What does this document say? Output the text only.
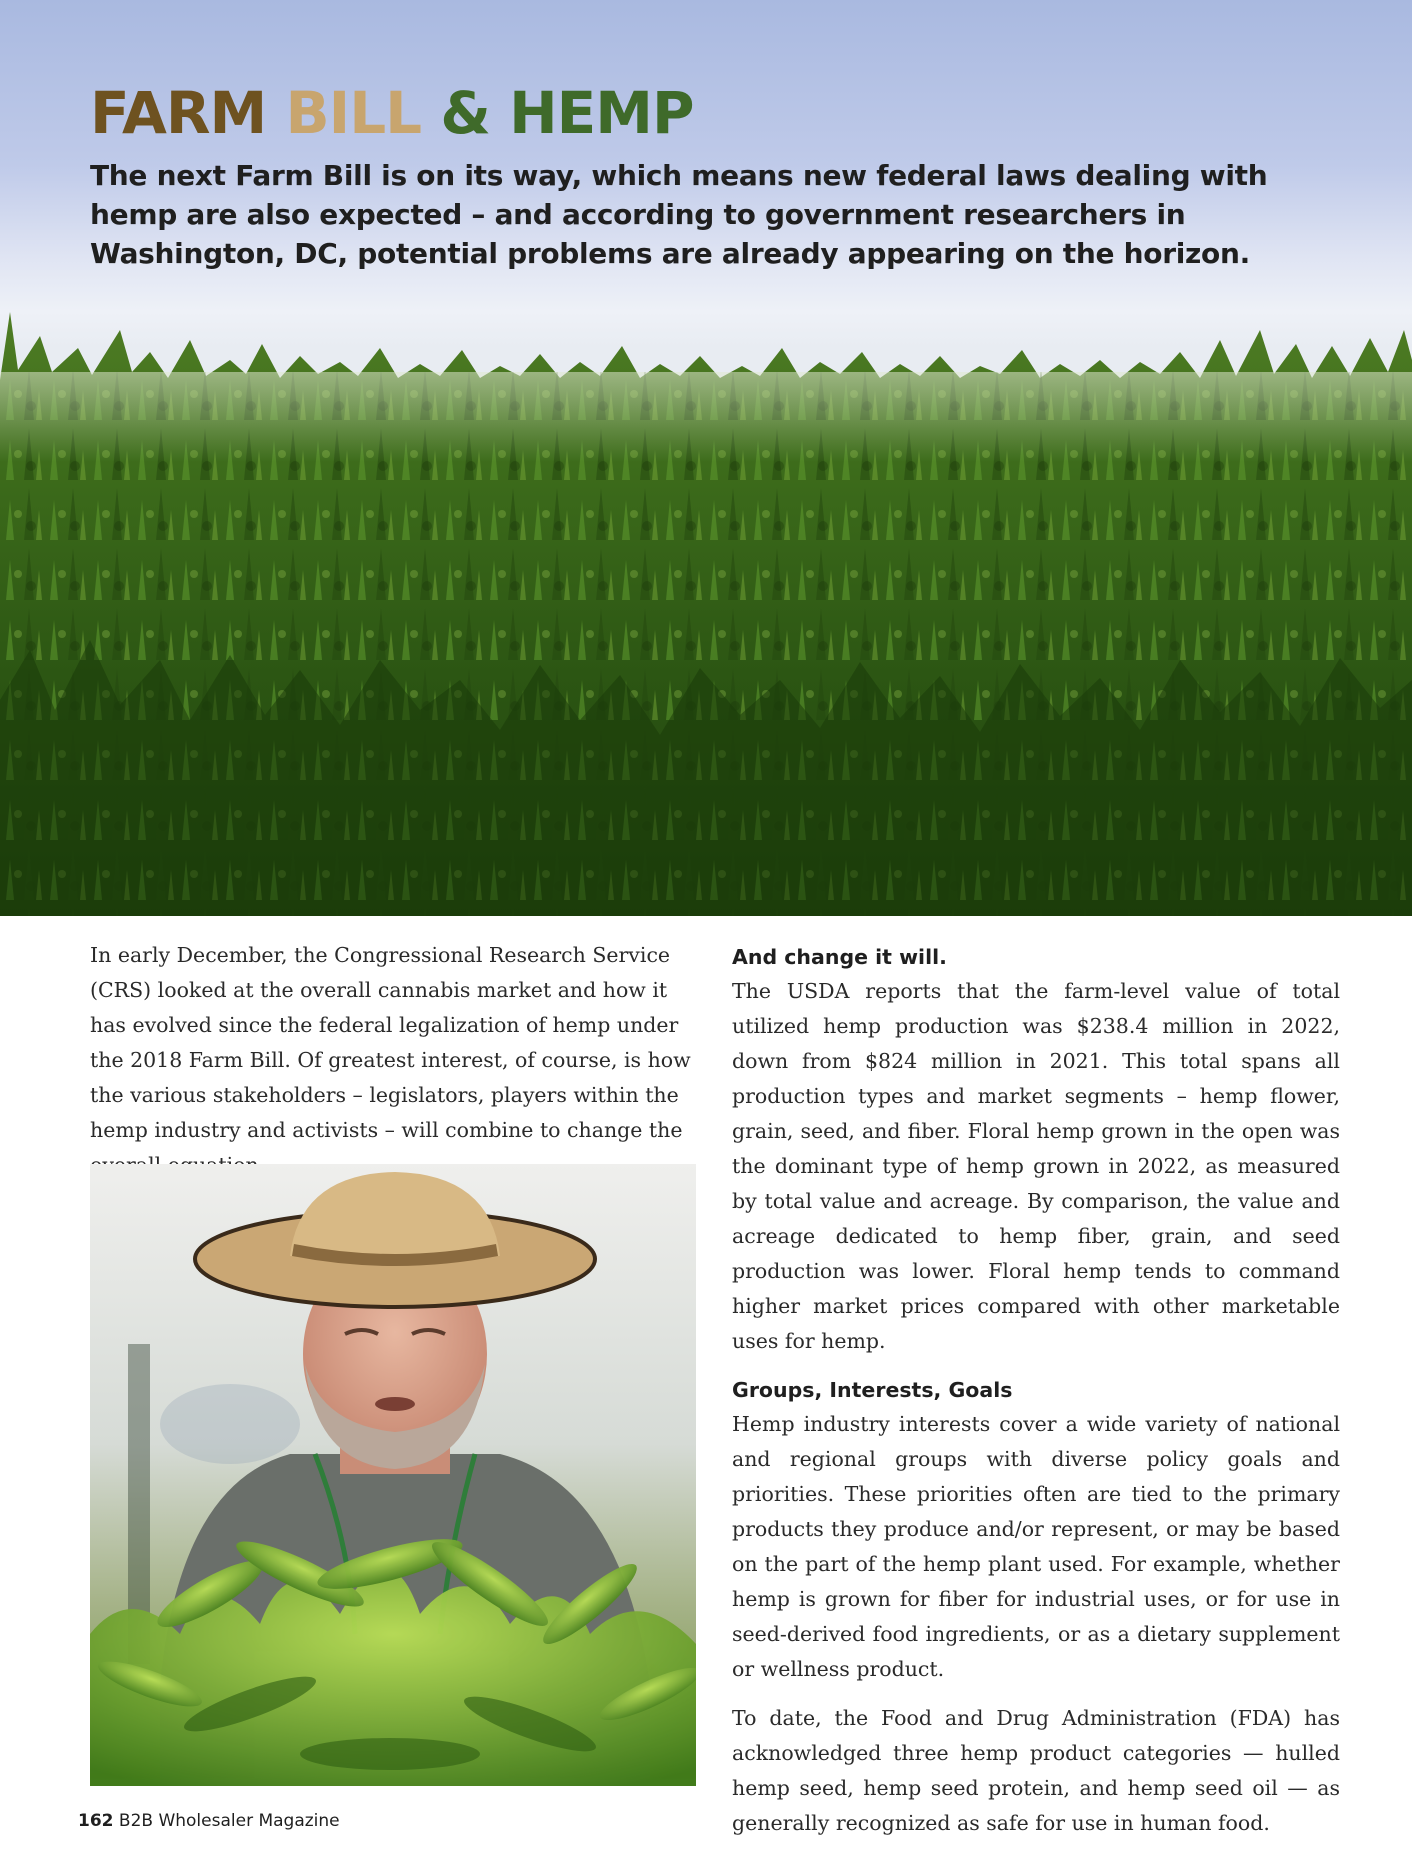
FARM BILL & HEMP
The next Farm Bill is on its way, which means new federal laws dealing with hemp are also expected – and according to government researchers in Washington, DC, potential problems are already appearing on the horizon.

In early December, the Congressional Research Service (CRS) looked at the overall cannabis market and how it has evolved since the federal legalization of hemp under the 2018 Farm Bill. Of greatest interest, of course, is how the various stakeholders – legislators, players within the hemp industry and activists – will combine to change the

And change it will.

The USDA reports that the farm-level value of total utilized hemp production was $238.4 million in 2022, down from $824 million in 2021. This total spans all production types and market segments – hemp flower, grain, seed, and fiber. Floral hemp grown in the open was the dominant type of hemp grown in 2022, as measured by total value and acreage. By comparison, the value and acreage dedicated to hemp fiber, grain, and seed production was lower. Floral hemp tends to command higher market prices compared with other marketable uses for hemp.

Groups, Interests, Goals

Hemp industry interests cover a wide variety of national and regional groups with diverse policy goals and priorities. These priorities often are tied to the primary products they produce and/or represent, or may be based on the part of the hemp plant used. For example, whether hemp is grown for fiber for industrial uses, or for use in seed-derived food ingredients, or as a dietary supplement or wellness product.

To date, the Food and Drug Administration (FDA) has acknowledged three hemp product categories — hulled hemp seed, hemp seed protein, and hemp seed oil — as generally recognized as safe for use in human food.

162 B2B Wholesaler Magazine
